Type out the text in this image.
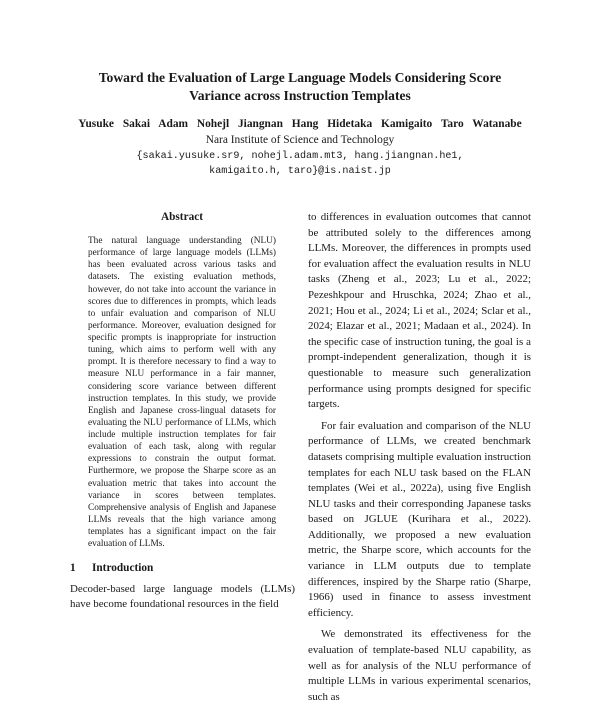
Toward the Evaluation of Large Language Models Considering Score
Variance across Instruction Templates
Yusuke Sakai Adam Nohejl Jiangnan Hang Hidetaka Kamigaito Taro Watanabe
Nara Institute of Science and Technology
{sakai.yusuke.sr9, nohejl.adam.mt3, hang.jiangnan.he1,
kamigaito.h, taro}@is.naist.jp
Abstract
The natural language understanding (NLU) performance of large language models (LLMs) has been evaluated across various tasks and datasets. The existing evaluation methods, however, do not take into account the variance in scores due to differences in prompts, which leads to unfair evaluation and comparison of NLU performance. Moreover, evaluation designed for specific prompts is inappropriate for instruction tuning, which aims to perform well with any prompt. It is therefore necessary to find a way to measure NLU performance in a fair manner, considering score variance between different instruction templates. In this study, we provide English and Japanese cross-lingual datasets for evaluating the NLU performance of LLMs, which include multiple instruction templates for fair evaluation of each task, along with regular expressions to constrain the output format. Furthermore, we propose the Sharpe score as an evaluation metric that takes into account the variance in scores between templates. Comprehensive analysis of English and Japanese LLMs reveals that the high variance among templates has a significant impact on the fair evaluation of LLMs.
1 Introduction
Decoder-based large language models (LLMs) have become foundational resources in the field

to differences in evaluation outcomes that cannot be attributed solely to the differences among LLMs. Moreover, the differences in prompts used for evaluation affect the evaluation results in NLU tasks (Zheng et al., 2023; Lu et al., 2022; Pezeshkpour and Hruschka, 2024; Zhao et al., 2021; Hou et al., 2024; Li et al., 2024; Sclar et al., 2024; Elazar et al., 2021; Madaan et al., 2024). In the specific case of instruction tuning, the goal is a prompt-independent generalization, though it is questionable to measure such generalization performance using prompts designed for specific targets.

For fair evaluation and comparison of the NLU performance of LLMs, we created benchmark datasets comprising multiple evaluation instruction templates for each NLU task based on the FLAN templates (Wei et al., 2022a), using five English NLU tasks and their corresponding Japanese tasks based on JGLUE (Kurihara et al., 2022). Additionally, we proposed a new evaluation metric, the Sharpe score, which accounts for the variance in LLM outputs due to template differences, inspired by the Sharpe ratio (Sharpe, 1966) used in finance to assess investment efficiency.

We demonstrated its effectiveness for the evaluation of template-based NLU capability, as well as for analysis of the NLU performance of multiple LLMs in various experimental scenarios, such as
